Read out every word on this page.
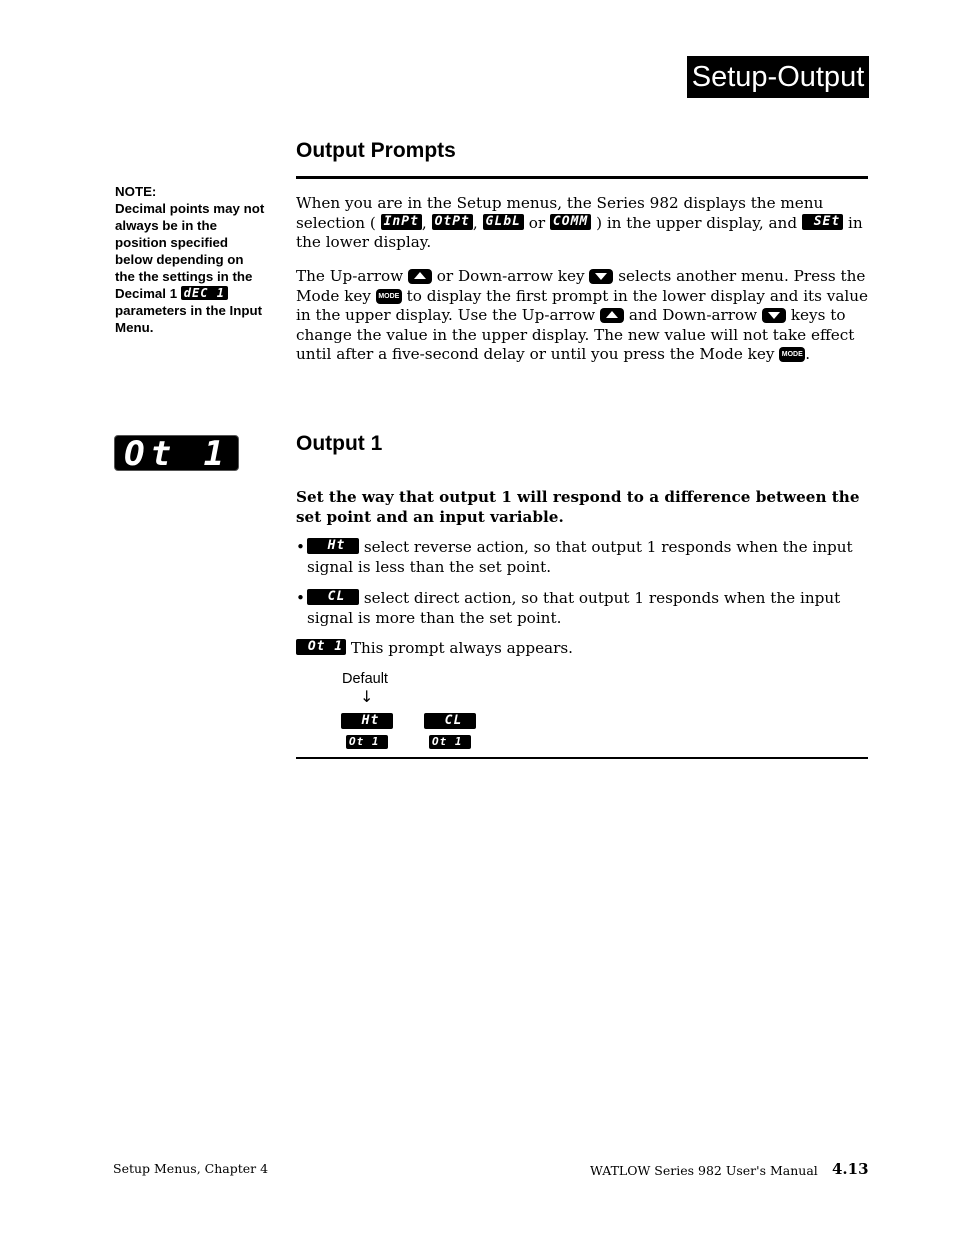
Setup-Output
Output Prompts
NOTE:
Decimal points may not always be in the position specified below depending on the the settings in the Decimal 1 dEC 1 parameters in the Input Menu.
When you are in the Setup menus, the Series 982 displays the menu selection ( InPt , OtPt , GLbL or COMM ) in the upper display, and  SEt in the lower display.
The Up-arrow or Down-arrow key selects another menu. Press the Mode key MODE to display the first prompt in the lower display and its value in the upper display. Use the Up-arrow and Down-arrow keys to change the value in the upper display. The new value will not take effect until after a five-second delay or until you press the Mode key MODE .
Ot 1	Output 1
Set the way that output 1 will respond to a difference between the set point and an input variable.
• Ht select reverse action, so that output 1 responds when the input signal is less than the set point.
• CL select direct action, so that output 1 responds when the input signal is more than the set point.
Ot 1 This prompt always appears.
Default
↓
Ht
Ot 1
CL
Ot 1
Setup Menus, Chapter 4	WATLOW Series 982 User's Manual 4.13
